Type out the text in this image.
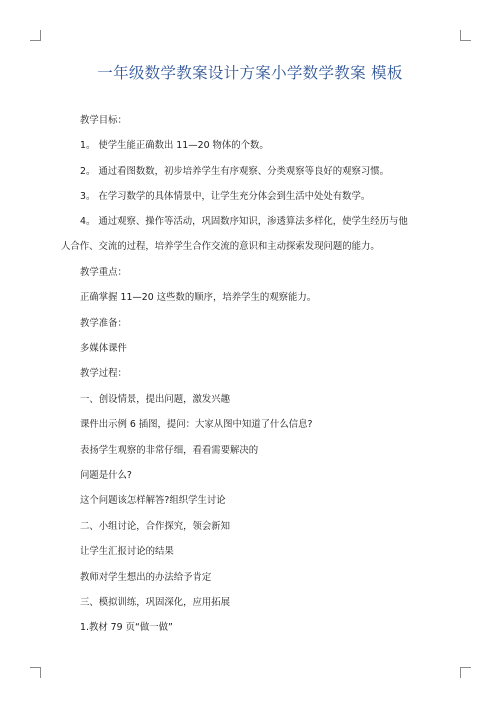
一年级数学教案设计方案小学数学教案 模板
教学目标：
1。 使学生能正确数出 11—20 物体的个数。
2。 通过看图数数，初步培养学生有序观察、分类观察等良好的观察习惯。
3。 在学习数学的具体情景中，让学生充分体会到生活中处处有数学。
4。 通过观察、操作等活动，巩固数序知识，渗透算法多样化，使学生经历与他
人合作、交流的过程，培养学生合作交流的意识和主动探索发现问题的能力。
教学重点：
正确掌握 11—20 这些数的顺序，培养学生的观察能力。
教学准备：
多媒体课件
教学过程：
一、创设情景，提出问题，激发兴趣
课件出示例 6 插图，提问：大家从图中知道了什么信息?
表扬学生观察的非常仔细，看看需要解决的
问题是什么?
这个问题该怎样解答?组织学生讨论
二、小组讨论，合作探究，领会新知
让学生汇报讨论的结果
教师对学生想出的办法给予肯定
三、模拟训练，巩固深化，应用拓展
1.教材 79 页“做一做”
